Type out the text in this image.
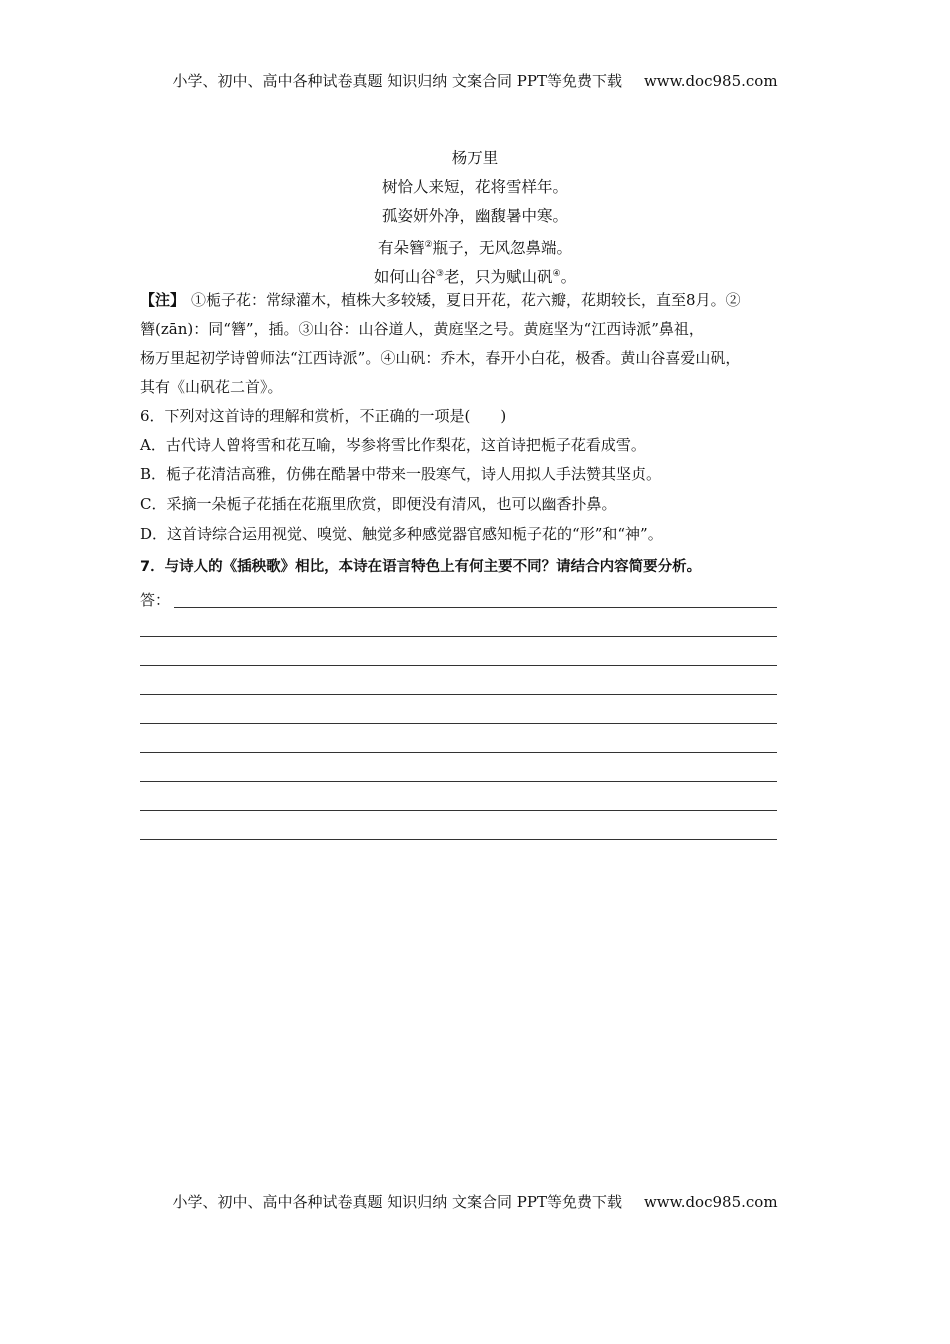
小学、初中、高中各种试卷真题 知识归纳 文案合同 PPT等免费下载 www.doc985.com
杨万里
树恰人来短，花将雪样年。
孤姿妍外净，幽馥暑中寒。
有朵簪②瓶子，无风忽鼻端。
如何山谷③老，只为赋山矾④。
【注】 ①栀子花：常绿灌木，植株大多较矮，夏日开花，花六瓣，花期较长，直至8月。②
簪(zān)：同“簪”，插。③山谷：山谷道人，黄庭坚之号。黄庭坚为“江西诗派”鼻祖，
杨万里起初学诗曾师法“江西诗派”。④山矾：乔木，春开小白花，极香。黄山谷喜爱山矾，
其有《山矾花二首》。
6．下列对这首诗的理解和赏析，不正确的一项是(　　)
A．古代诗人曾将雪和花互喻，岑参将雪比作梨花，这首诗把栀子花看成雪。
B．栀子花清洁高雅，仿佛在酷暑中带来一股寒气，诗人用拟人手法赞其坚贞。
C．采摘一朵栀子花插在花瓶里欣赏，即便没有清风，也可以幽香扑鼻。
D．这首诗综合运用视觉、嗅觉、触觉多种感觉器官感知栀子花的“形”和“神”。
7．与诗人的《插秧歌》相比，本诗在语言特色上有何主要不同？请结合内容简要分析。
答：
小学、初中、高中各种试卷真题 知识归纳 文案合同 PPT等免费下载 www.doc985.com
